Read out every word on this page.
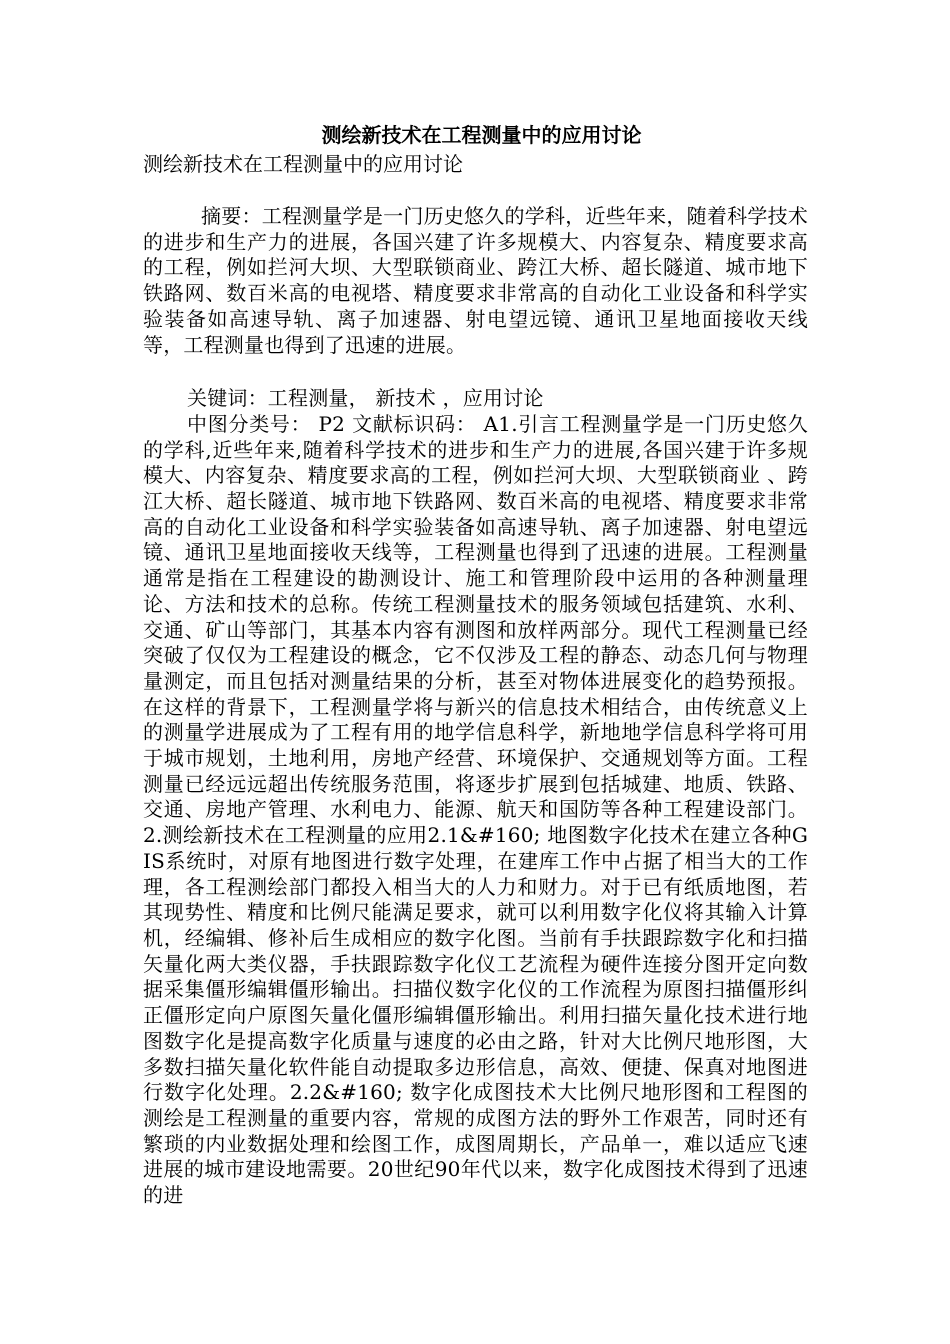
测绘新技术在工程测量中的应用讨论

测绘新技术在工程测量中的应用讨论

摘要：工程测量学是一门历史悠久的学科，近些年来，随着科学技术的进步和生产力的进展，各国兴建了许多规模大、内容复杂、精度要求高的工程，例如拦河大坝、大型联锁商业、跨江大桥、超长隧道、城市地下铁路网、数百米高的电视塔、精度要求非常高的自动化工业设备和科学实验装备如高速导轨、离子加速器、射电望远镜、通讯卫星地面接收天线等，工程测量也得到了迅速的进展。

关键词：工程测量， 新技术 ，应用讨论

中图分类号： P2 文献标识码： A1.引言工程测量学是一门历史悠久的学科,近些年来,随着科学技术的进步和生产力的进展,各国兴建于许多规模大、内容复杂、精度要求高的工程，例如拦河大坝、大型联锁商业 、跨江大桥、超长隧道、城市地下铁路网、数百米高的电视塔、精度要求非常高的自动化工业设备和科学实验装备如高速导轨、离子加速器、射电望远镜、通讯卫星地面接收天线等，工程测量也得到了迅速的进展。工程测量通常是指在工程建设的勘测设计、施工和管理阶段中运用的各种测量理论、方法和技术的总称。传统工程测量技术的服务领域包括建筑、水利、交通、矿山等部门，其基本内容有测图和放样两部分。现代工程测量已经突破了仅仅为工程建设的概念，它不仅涉及工程的静态、动态几何与物理量测定，而且包括对测量结果的分析，甚至对物体进展变化的趋势预报。在这样的背景下，工程测量学将与新兴的信息技术相结合，由传统意义上的测量学进展成为了工程有用的地学信息科学，新地地学信息科学将可用于城市规划，土地利用，房地产经营、环境保护、交通规划等方面。工程测量已经远远超出传统服务范围，将逐步扩展到包括城建、地质、铁路、交通、房地产管理、水利电力、能源、航天和国防等各种工程建设部门。2.测绘新技术在工程测量的应用2.1&#160; 地图数字化技术在建立各种GIS系统时，对原有地图进行数字处理，在建库工作中占据了相当大的工作理，各工程测绘部门都投入相当大的人力和财力。对于已有纸质地图，若其现势性、精度和比例尺能满足要求，就可以利用数字化仪将其输入计算机，经编辑、修补后生成相应的数字化图。当前有手扶跟踪数字化和扫描矢量化两大类仪器，手扶跟踪数字化仪工艺流程为硬件连接分图开定向数据采集僵形编辑僵形输出。扫描仪数字化仪的工作流程为原图扫描僵形纠正僵形定向户原图矢量化僵形编辑僵形输出。利用扫描矢量化技术进行地图数字化是提高数字化质量与速度的必由之路，针对大比例尺地形图，大多数扫描矢量化软件能自动提取多边形信息，高效、便捷、保真对地图进行数字化处理。2.2&#160; 数字化成图技术大比例尺地形图和工程图的测绘是工程测量的重要内容，常规的成图方法的野外工作艰苦，同时还有繁琐的内业数据处理和绘图工作，成图周期长，产品单一，难以适应飞速进展的城市建设地需要。20世纪90年代以来，数字化成图技术得到了迅速的进
